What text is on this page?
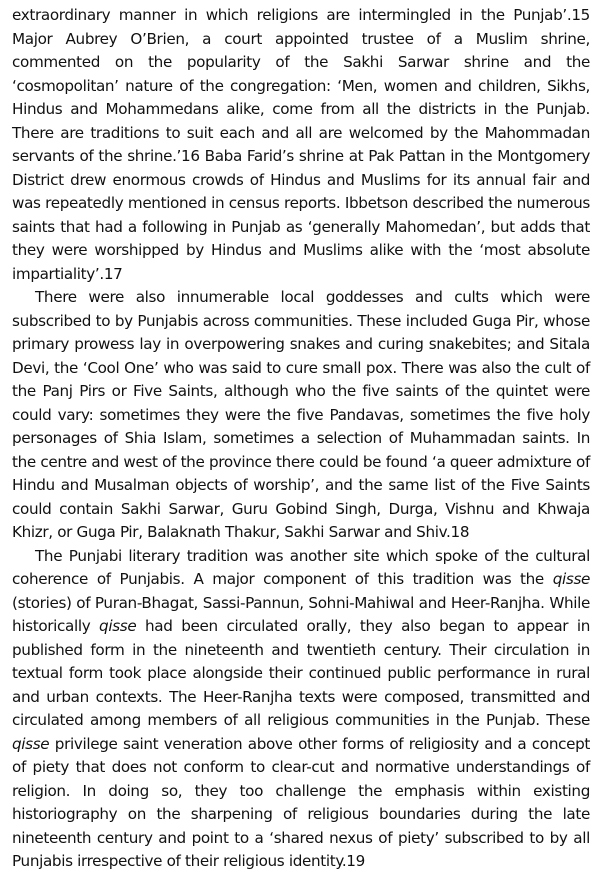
extraordinary manner in which religions are intermingled in the Punjab’.15 Major Aubrey O’Brien, a court appointed trustee of a Muslim shrine, commented on the popularity of the Sakhi Sarwar shrine and the ‘cosmopolitan’ nature of the congregation: ‘Men, women and children, Sikhs, Hindus and Mohammedans alike, come from all the districts in the Punjab. There are traditions to suit each and all are welcomed by the Mahommadan servants of the shrine.’16 Baba Farid’s shrine at Pak Pattan in the Montgomery District drew enormous crowds of Hindus and Muslims for its annual fair and was repeatedly mentioned in census reports. Ibbetson described the numerous saints that had a following in Punjab as ‘generally Mahomedan’, but adds that they were worshipped by Hindus and Muslims alike with the ‘most absolute impartiality’.17

There were also innumerable local goddesses and cults which were subscribed to by Punjabis across communities. These included Guga Pir, whose primary prowess lay in overpowering snakes and curing snakebites; and Sitala Devi, the ‘Cool One’ who was said to cure small pox. There was also the cult of the Panj Pirs or Five Saints, although who the five saints of the quintet were could vary: sometimes they were the five Pandavas, sometimes the five holy personages of Shia Islam, sometimes a selection of Muhammadan saints. In the centre and west of the province there could be found ‘a queer admixture of Hindu and Musalman objects of worship’, and the same list of the Five Saints could contain Sakhi Sarwar, Guru Gobind Singh, Durga, Vishnu and Khwaja Khizr, or Guga Pir, Balaknath Thakur, Sakhi Sarwar and Shiv.18

The Punjabi literary tradition was another site which spoke of the cultural coherence of Punjabis. A major component of this tradition was the qisse (stories) of Puran-Bhagat, Sassi-Pannun, Sohni-Mahiwal and Heer-Ranjha. While historically qisse had been circulated orally, they also began to appear in published form in the nineteenth and twentieth century. Their circulation in textual form took place alongside their continued public performance in rural and urban contexts. The Heer-Ranjha texts were composed, transmitted and circulated among members of all religious communities in the Punjab. These qisse privilege saint veneration above other forms of religiosity and a concept of piety that does not conform to clear-cut and normative understandings of religion. In doing so, they too challenge the emphasis within existing historiography on the sharpening of religious boundaries during the late nineteenth century and point to a ‘shared nexus of piety’ subscribed to by all Punjabis irrespective of their religious identity.19
